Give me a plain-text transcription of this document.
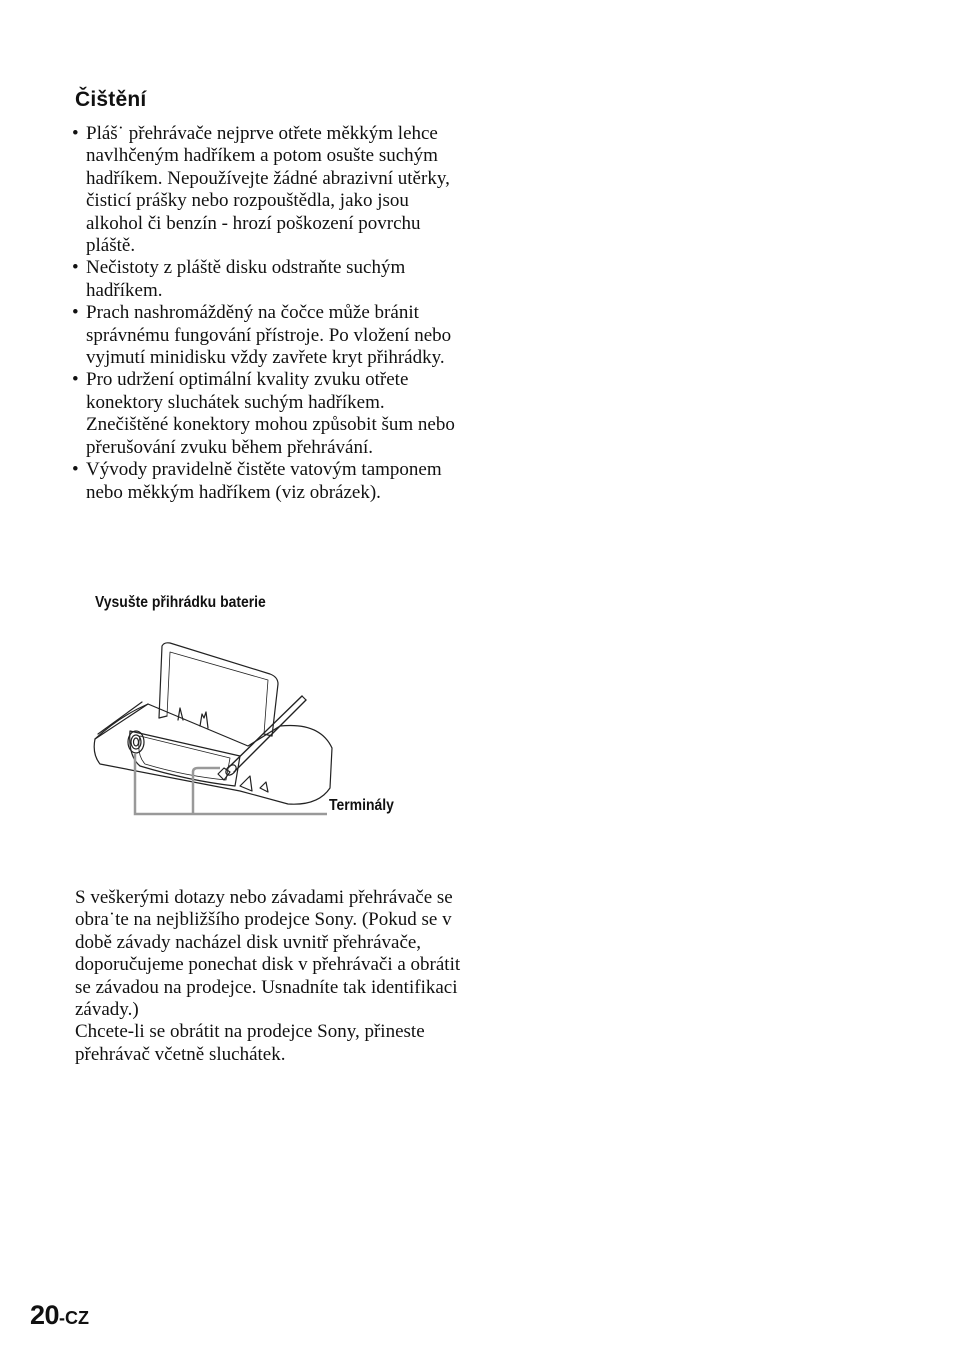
Čištění
• Pláš˙ přehrávače nejprve otřete měkkým lehce navlhčeným hadříkem a potom osušte suchým hadříkem. Nepoužívejte žádné abrazivní utěrky, čisticí prášky nebo rozpouštědla, jako jsou alkohol či benzín - hrozí poškození povrchu pláště.
• Nečistoty z pláště disku odstraňte suchým hadříkem.
• Prach nashromážděný na čočce může bránit správnému fungování přístroje. Po vložení nebo vyjmutí minidisku vždy zavřete kryt přihrádky.
• Pro udržení optimální kvality zvuku otřete konektory sluchátek suchým hadříkem. Znečištěné konektory mohou způsobit šum nebo přerušování zvuku během přehrávání.
• Vývody pravidelně čistěte vatovým tamponem nebo měkkým hadříkem (viz obrázek).
Vysušte přihrádku baterie
Terminály

S veškerými dotazy nebo závadami přehrávače se obra˙te na nejbližšího prodejce Sony. (Pokud se v době závady nacházel disk uvnitř přehrávače, doporučujeme ponechat disk v přehrávači a obrátit se závadou na prodejce. Usnadníte tak identifikaci závady.)

Chcete-li se obrátit na prodejce Sony, přineste přehrávač včetně sluchátek.

20-CZ
